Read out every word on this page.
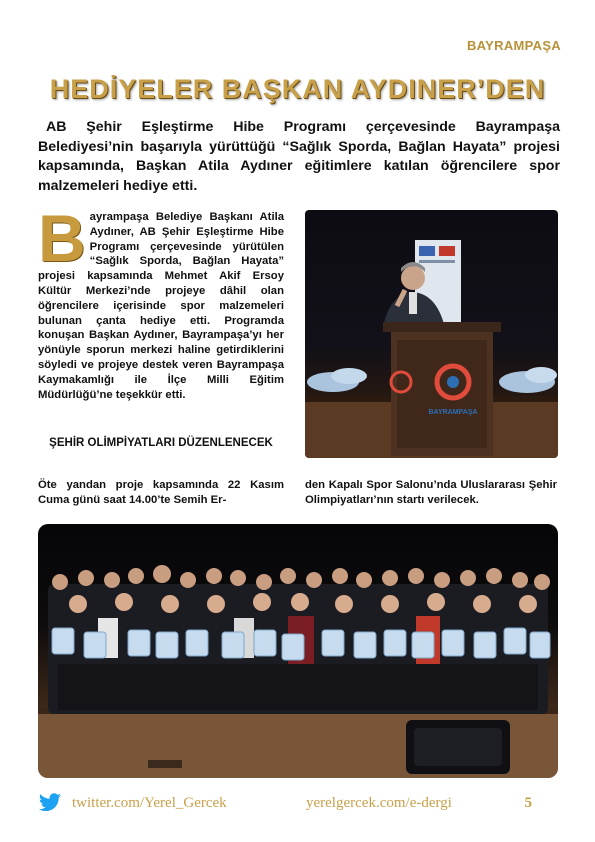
BAYRAMPAŞA
HEDİYELER BAŞKAN AYDINER’DEN
AB Şehir Eşleştirme Hibe Programı çerçevesinde Bayrampaşa Belediyesi’nin başarıyla yürüttüğü “Sağlık Sporda, Bağlan Hayata” projesi kapsamında, Başkan Atila Aydıner eğitimlere katılan öğrencilere spor malzemeleri hediye etti.
Bayrampaşa Belediye Başkanı Atila Aydıner, AB Şehir Eşleştirme Hibe Programı çerçevesinde yürütülen “Sağlık Sporda, Bağlan Hayata” projesi kapsamında Mehmet Akif Ersoy Kültür Merkezi’nde projeye dâhil olan öğrencilere içerisinde spor malzemeleri bulunan çanta hediye etti. Programda konuşan Başkan Aydıner, Bayrampaşa’yı her yönüyle sporun merkezi haline getirdiklerini söyledi ve projeye destek veren Bayrampaşa Kaymakamlığı ile İlçe Milli Eğitim Müdürlüğü’ne teşekkür etti.
ŞEHİR OLİMPİYATLARI DÜZENLENECEK
Öte yandan proje kapsamında 22 Kasım Cuma günü saat 14.00’te Semih Er-
den Kapalı Spor Salonu’nda Uluslararası Şehir Olimpiyatları’nın startı verilecek.
BAYRAMPAŞA
twitter.com/Yerel_Gercek	yerelgercek.com/e-dergi	5
